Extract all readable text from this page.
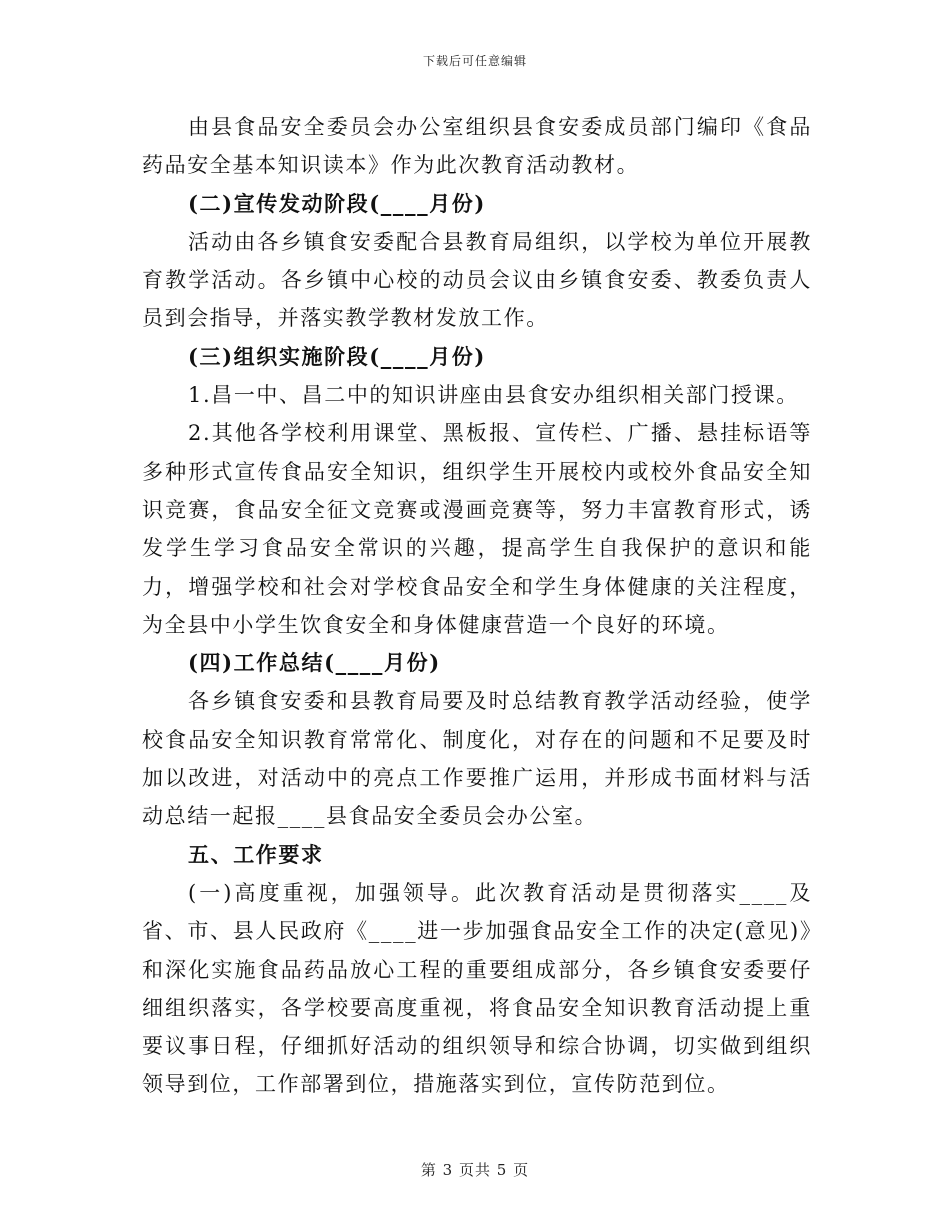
下载后可任意编辑

由县食品安全委员会办公室组织县食安委成员部门编印《食品药品安全基本知识读本》作为此次教育活动教材。

(二)宣传发动阶段(____月份)

活动由各乡镇食安委配合县教育局组织，以学校为单位开展教育教学活动。各乡镇中心校的动员会议由乡镇食安委、教委负责人员到会指导，并落实教学教材发放工作。

(三)组织实施阶段(____月份)

1.昌一中、昌二中的知识讲座由县食安办组织相关部门授课。

2.其他各学校利用课堂、黑板报、宣传栏、广播、悬挂标语等多种形式宣传食品安全知识，组织学生开展校内或校外食品安全知识竞赛，食品安全征文竞赛或漫画竞赛等，努力丰富教育形式，诱发学生学习食品安全常识的兴趣，提高学生自我保护的意识和能力，增强学校和社会对学校食品安全和学生身体健康的关注程度，为全县中小学生饮食安全和身体健康营造一个良好的环境。

(四)工作总结(____月份)

各乡镇食安委和县教育局要及时总结教育教学活动经验，使学校食品安全知识教育常常化、制度化，对存在的问题和不足要及时加以改进，对活动中的亮点工作要推广运用，并形成书面材料与活动总结一起报____县食品安全委员会办公室。

五、工作要求

(一)高度重视，加强领导。此次教育活动是贯彻落实____及省、市、县人民政府《____进一步加强食品安全工作的决定(意见)》和深化实施食品药品放心工程的重要组成部分，各乡镇食安委要仔细组织落实，各学校要高度重视，将食品安全知识教育活动提上重要议事日程，仔细抓好活动的组织领导和综合协调，切实做到组织领导到位，工作部署到位，措施落实到位，宣传防范到位。

第 3 页共 5 页
